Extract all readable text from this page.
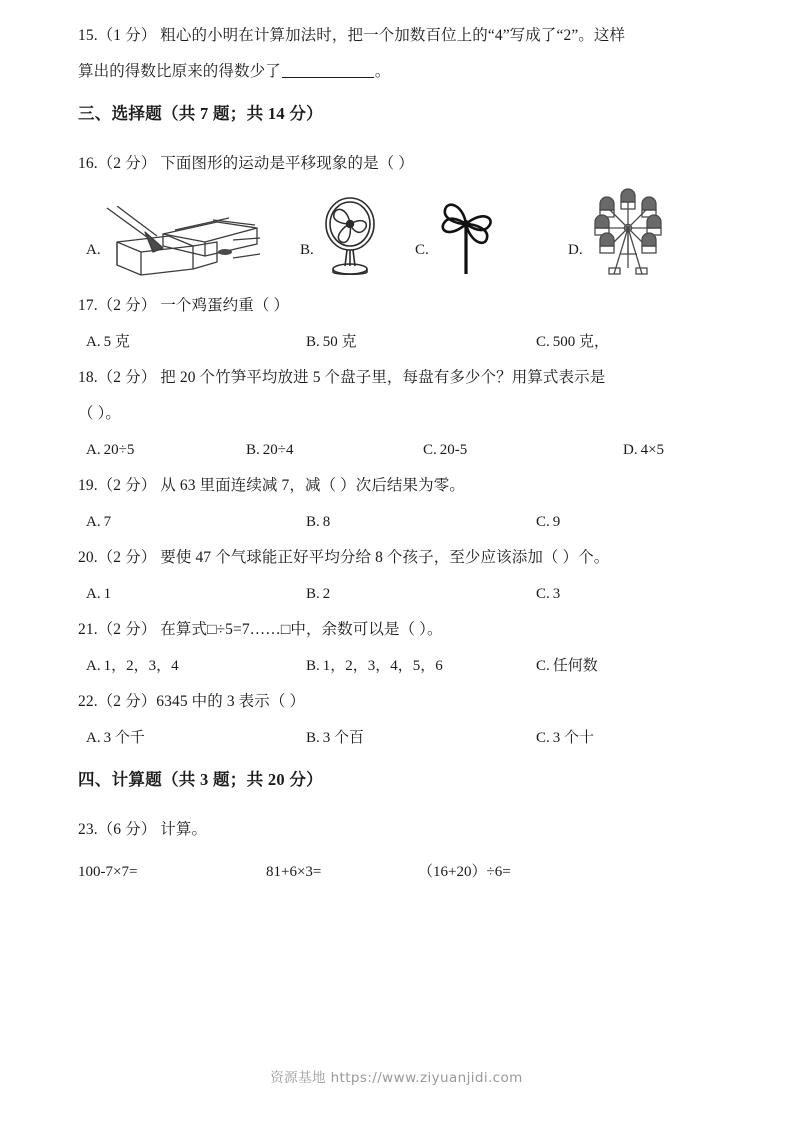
15.（1 分） 粗心的小明在计算加法时，把一个加数百位上的“4”写成了“2”。这样
算出的得数比原来的得数少了	。
三、选择题（共 7 题；共 14 分）
16.（2 分） 下面图形的运动是平移现象的是（ ）
A.	B.	C.	D.
17.（2 分） 一个鸡蛋约重（ ）
A. 5 克	B. 50 克	C. 500 克，
18.（2 分） 把 20 个竹笋平均放进 5 个盘子里，每盘有多少个？用算式表示是
（ ）。
A. 20÷5	B. 20÷4	C. 20-5	D. 4×5
19.（2 分） 从 63 里面连续减 7，减（ ）次后结果为零。
A. 7	B. 8	C. 9
20.（2 分） 要使 47 个气球能正好平均分给 8 个孩子，至少应该添加（ ）个。
A. 1	B. 2	C. 3
21.（2 分） 在算式□÷5=7……□中，余数可以是（ ）。
A. 1，2，3，4	B. 1，2，3，4，5，6	C. 任何数
22.（2 分）6345 中的 3 表示（ ）
A. 3 个千	B. 3 个百	C. 3 个十
四、计算题（共 3 题；共 20 分）
23.（6 分） 计算。
100-7×7=	81+6×3=	（16+20）÷6=
资源基地 https://www.ziyuanjidi.com
